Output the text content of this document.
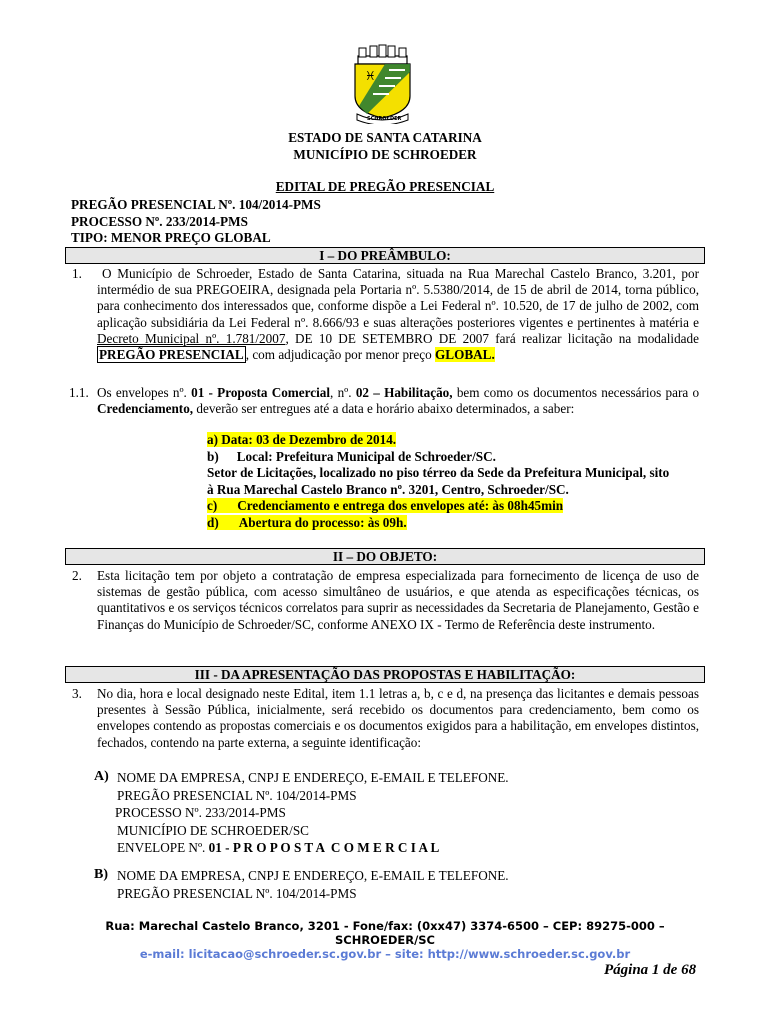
♓
SCHROEDER
ESTADO DE SANTA CATARINA
MUNICÍPIO DE SCHROEDER
EDITAL DE PREGÃO PRESENCIAL
PREGÃO PRESENCIAL Nº. 104/2014-PMS
PROCESSO Nº. 233/2014-PMS
TIPO: MENOR PREÇO GLOBAL
I – DO PREÂMBULO:
1.	O Município de Schroeder, Estado de Santa Catarina, situada na Rua Marechal Castelo Branco, 3.201, por intermédio de sua PREGOEIRA, designada pela Portaria nº. 5.5380/2014, de 15 de abril de 2014, torna público, para conhecimento dos interessados que, conforme dispõe a Lei Federal nº. 10.520, de 17 de julho de 2002, com aplicação subsidiária da Lei Federal nº. 8.666/93 e suas alterações posteriores vigentes e pertinentes à matéria e Decreto Municipal nº. 1.781/2007, DE 10 DE SETEMBRO DE 2007 fará realizar licitação na modalidade PREGÃO PRESENCIAL , com adjudicação por menor preço GLOBAL.
1.1. Os envelopes nº. 01 - Proposta Comercial, nº. 02 – Habilitação, bem como os documentos necessários para o Credenciamento, deverão ser entregues até a data e horário abaixo determinados, a saber:
a) Data: 03 de Dezembro de 2014.
b) Local: Prefeitura Municipal de Schroeder/SC.
Setor de Licitações, localizado no piso térreo da Sede da Prefeitura Municipal, sito
à Rua Marechal Castelo Branco nº. 3201, Centro, Schroeder/SC.
c) Credenciamento e entrega dos envelopes até: às 08h45min
d) Abertura do processo: às 09h.
II – DO OBJETO:
2. Esta licitação tem por objeto a contratação de empresa especializada para fornecimento de licença de uso de sistemas de gestão pública, com acesso simultâneo de usuários, e que atenda as especificações técnicas, os quantitativos e os serviços técnicos correlatos para suprir as necessidades da Secretaria de Planejamento, Gestão e Finanças do Município de Schroeder/SC, conforme ANEXO IX - Termo de Referência deste instrumento.
III - DA APRESENTAÇÃO DAS PROPOSTAS E HABILITAÇÃO:
3. No dia, hora e local designado neste Edital, item 1.1 letras a, b, c e d, na presença das licitantes e demais pessoas presentes à Sessão Pública, inicialmente, será recebido os documentos para credenciamento, bem como os envelopes contendo as propostas comerciais e os documentos exigidos para a habilitação, em envelopes distintos, fechados, contendo na parte externa, a seguinte identificação:
A) NOME DA EMPRESA, CNPJ E ENDEREÇO, E-EMAIL E TELEFONE.
PREGÃO PRESENCIAL Nº. 104/2014-PMS
PROCESSO Nº. 233/2014-PMS
MUNICÍPIO DE SCHROEDER/SC
ENVELOPE Nº. 01 - P R O P O S T A  C O M E R C I A L
B) NOME DA EMPRESA, CNPJ E ENDEREÇO, E-EMAIL E TELEFONE.
PREGÃO PRESENCIAL Nº. 104/2014-PMS
Rua: Marechal Castelo Branco, 3201 - Fone/fax: (0xx47) 3374-6500 – CEP: 89275-000 –
SCHROEDER/SC
e-mail: licitacao@schroeder.sc.gov.br – site: http://www.schroeder.sc.gov.br
Página 1 de 68
